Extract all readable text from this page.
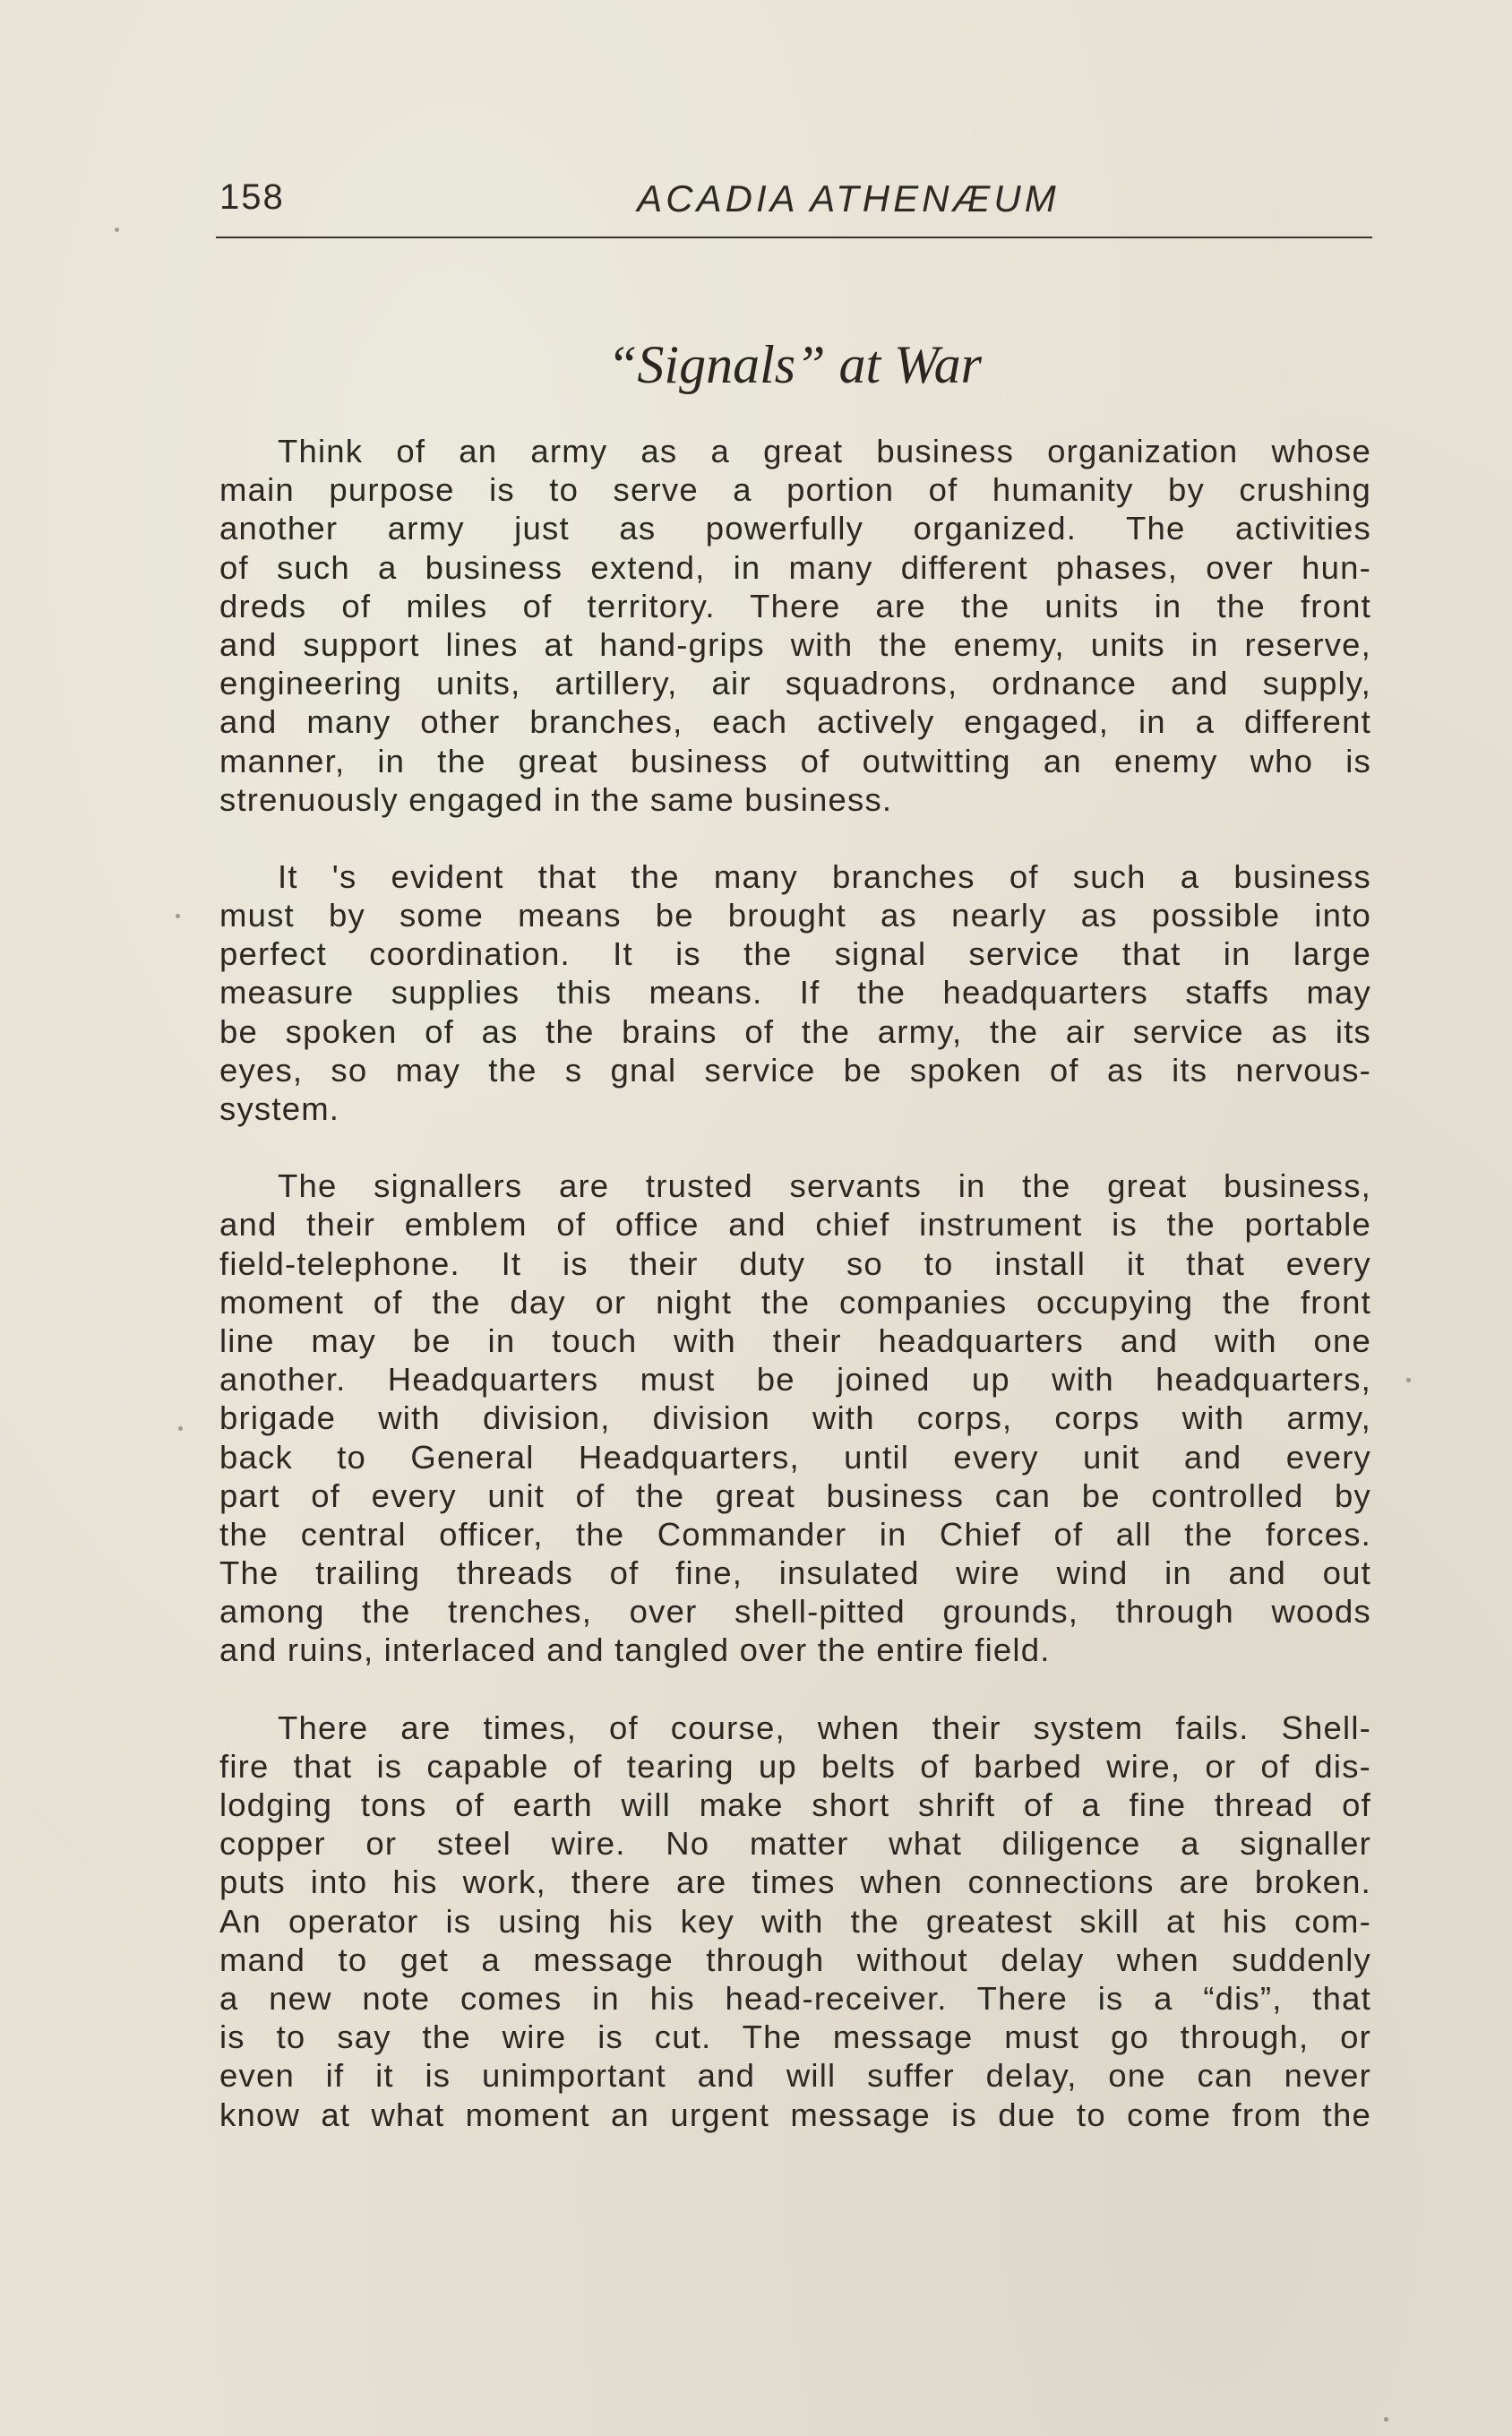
158	ACADIA ATHENÆUM
“Signals” at War
Think of an army as a great business organization whose
main purpose is to serve a portion of humanity by crushing
another army just as powerfully organized. The activities
of such a business extend, in many different phases, over hun-
dreds of miles of territory. There are the units in the front
and support lines at hand-grips with the enemy, units in reserve,
engineering units, artillery, air squadrons, ordnance and supply,
and many other branches, each actively engaged, in a different
manner, in the great business of outwitting an enemy who is
strenuously engaged in the same business.
It 's evident that the many branches of such a business
must by some means be brought as nearly as possible into
perfect coordination. It is the signal service that in large
measure supplies this means. If the headquarters staffs may
be spoken of as the brains of the army, the air service as its
eyes, so may the s gnal service be spoken of as its nervous-
system.
The signallers are trusted servants in the great business,
and their emblem of office and chief instrument is the portable
field-telephone. It is their duty so to install it that every
moment of the day or night the companies occupying the front
line may be in touch with their headquarters and with one
another. Headquarters must be joined up with headquarters,
brigade with division, division with corps, corps with army,
back to General Headquarters, until every unit and every
part of every unit of the great business can be controlled by
the central officer, the Commander in Chief of all the forces.
The trailing threads of fine, insulated wire wind in and out
among the trenches, over shell-pitted grounds, through woods
and ruins, interlaced and tangled over the entire field.
There are times, of course, when their system fails. Shell-
fire that is capable of tearing up belts of barbed wire, or of dis-
lodging tons of earth will make short shrift of a fine thread of
copper or steel wire. No matter what diligence a signaller
puts into his work, there are times when connections are broken.
An operator is using his key with the greatest skill at his com-
mand to get a message through without delay when suddenly
a new note comes in his head-receiver. There is a “dis”, that
is to say the wire is cut. The message must go through, or
even if it is unimportant and will suffer delay, one can never
know at what moment an urgent message is due to come from the
